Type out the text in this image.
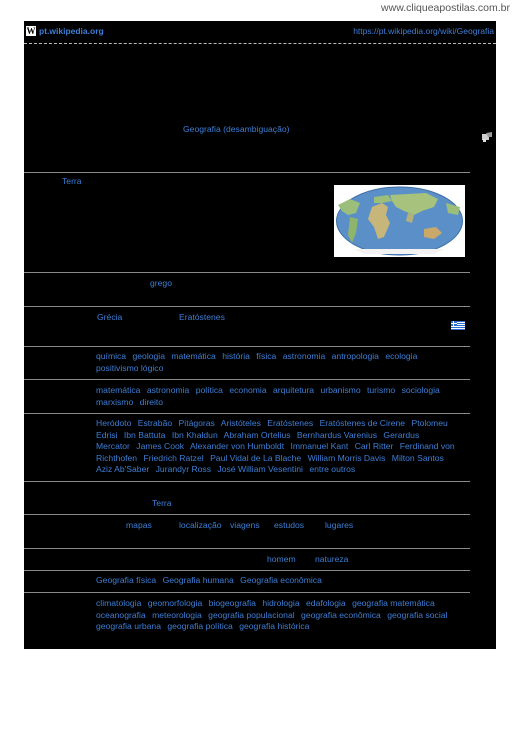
www.cliqueapostilas.com.br
W pt.wikipedia.org	https://pt.wikipedia.org/wiki/Geografia
Geografia (desambiguação)
Terra
grego
Grécia	Eratóstenes
química geologia matemática história física astronomia antropologia ecologia positivismo lógico
matemática astronomia política economia arquitetura urbanismo turismo sociologia marxismo direito
Heródoto Estrabão Pitágoras Aristóteles Eratóstenes Eratóstenes de Cirene Ptolomeu Edrisi Ibn Battuta Ibn Khaldun Abraham Ortelius Bernhardus Varenius Gerardus Mercator James Cook Alexander von Humboldt Immanuel Kant Carl Ritter Ferdinand von Richthofen Friedrich Ratzel Paul Vidal de La Blache William Morris Davis Milton Santos Aziz Ab'Saber Jurandyr Ross José William Vesentini entre outros
Terra
mapas	localização viagens estudos lugares
homem natureza
Geografia física Geografia humana Geografia econômica
climatologia geomorfologia biogeografia hidrologia edafologia geografia matemática oceanografia meteorologia geografia populacional geografia econômica geografia social geografia urbana geografia política geografia histórica
